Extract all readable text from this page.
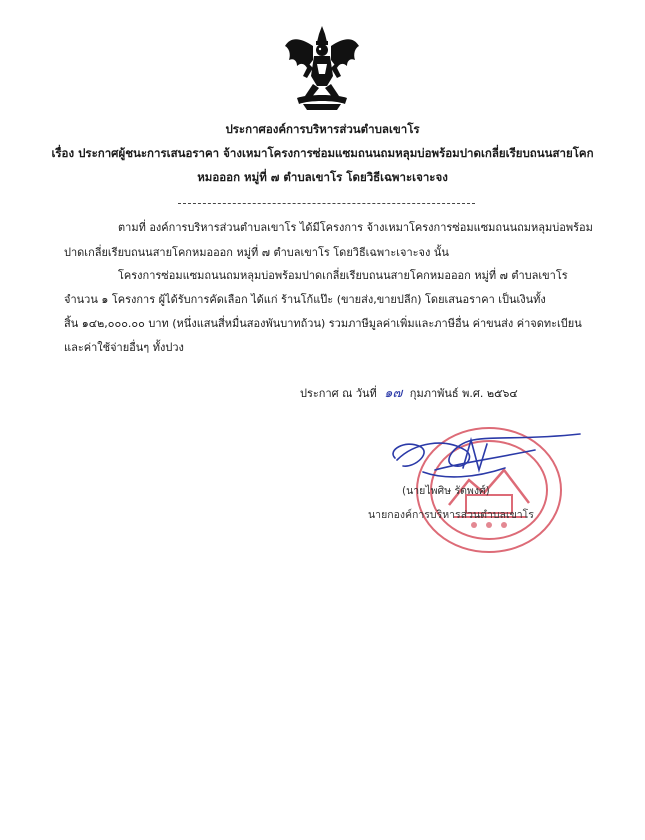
ประกาศองค์การบริหารส่วนตำบลเขาโร
เรื่อง ประกาศผู้ชนะการเสนอราคา จ้างเหมาโครงการซ่อมแซมถนนถมหลุมบ่อพร้อมปาดเกลี่ยเรียบถนนสายโคก
หมอออก หมู่ที่ ๗ ตำบลเขาโร โดยวิธีเฉพาะเจาะจง
ตามที่ องค์การบริหารส่วนตำบลเขาโร ได้มีโครงการ จ้างเหมาโครงการซ่อมแซมถนนถมหลุมบ่อพร้อม
ปาดเกลี่ยเรียบถนนสายโคกหมอออก หมู่ที่ ๗ ตำบลเขาโร โดยวิธีเฉพาะเจาะจง นั้น
โครงการซ่อมแซมถนนถมหลุมบ่อพร้อมปาดเกลี่ยเรียบถนนสายโคกหมอออก หมู่ที่ ๗ ตำบลเขาโร
จำนวน ๑ โครงการ ผู้ได้รับการคัดเลือก ได้แก่ ร้านโก้แป๊ะ (ขายส่ง,ขายปลีก) โดยเสนอราคา เป็นเงินทั้ง
สิ้น ๑๔๒,๐๐๐.๐๐ บาท (หนึ่งแสนสี่หมื่นสองพันบาทถ้วน) รวมภาษีมูลค่าเพิ่มและภาษีอื่น ค่าขนส่ง ค่าจดทะเบียน
และค่าใช้จ่ายอื่นๆ ทั้งปวง
ประกาศ ณ วันที่ ๑๗ กุมภาพันธ์ พ.ศ. ๒๕๖๔
(นายไพศิษ รัตพงศ์)
นายกองค์การบริหารส่วนตำบลเขาโร
